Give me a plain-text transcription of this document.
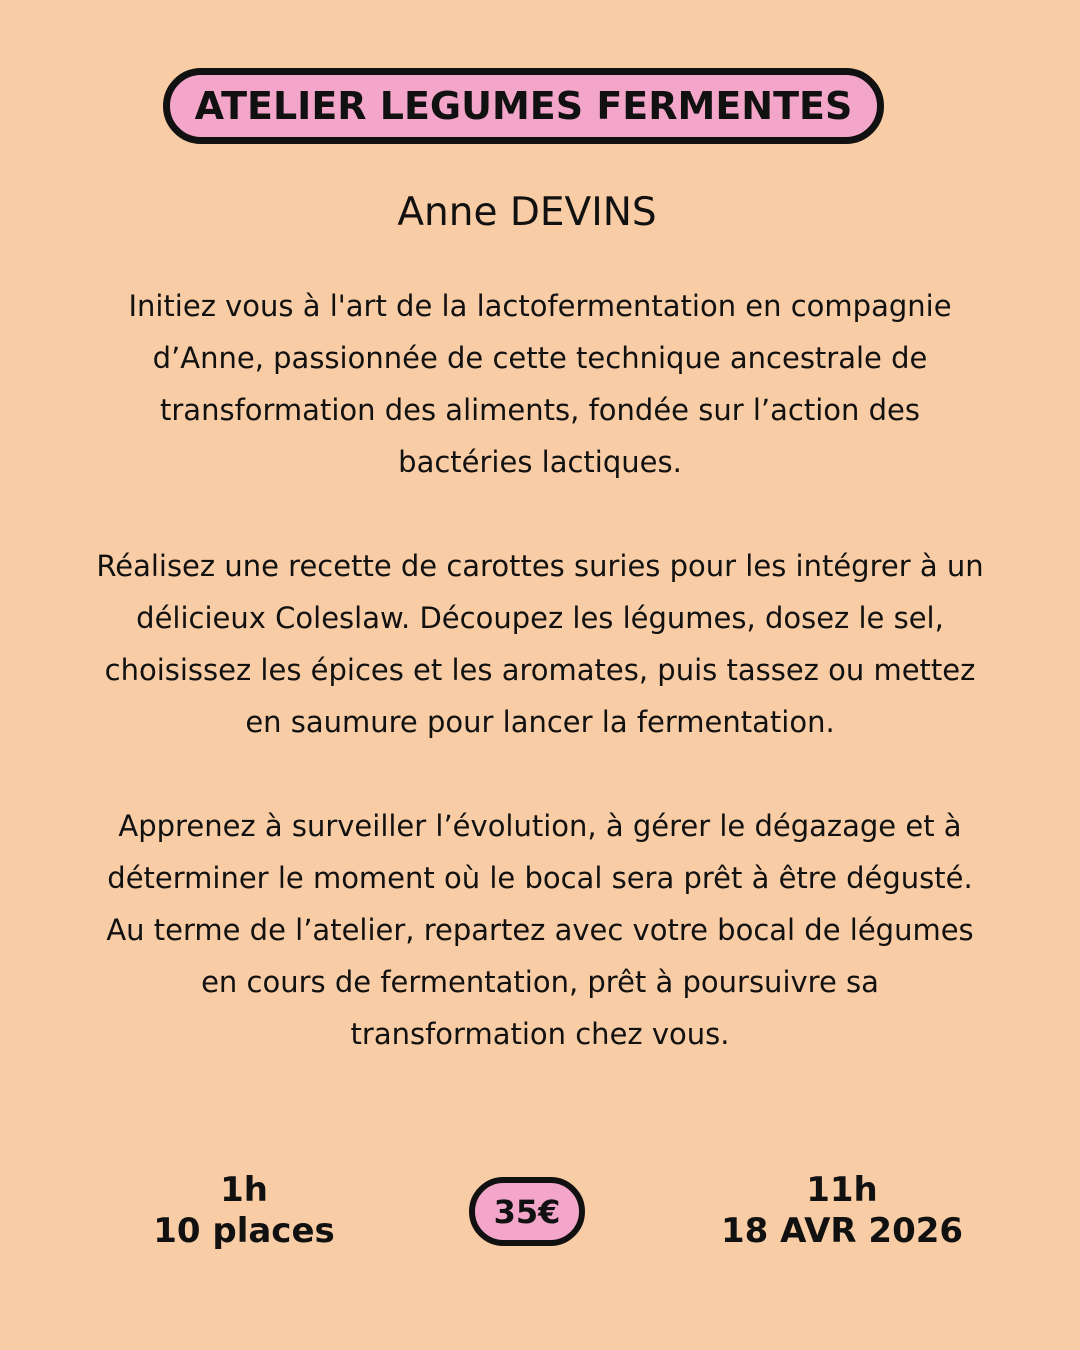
ATELIER LEGUMES FERMENTES
Anne DEVINS

Initiez vous à l'art de la lactofermentation en compagnie d’Anne, passionnée de cette technique ancestrale de transformation des aliments, fondée sur l’action des bactéries lactiques.

Réalisez une recette de carottes suries pour les intégrer à un délicieux Coleslaw. Découpez les légumes, dosez le sel, choisissez les épices et les aromates, puis tassez ou mettez en saumure pour lancer la fermentation.

Apprenez à surveiller l’évolution, à gérer le dégazage et à déterminer le moment où le bocal sera prêt à être dégusté. Au terme de l’atelier, repartez avec votre bocal de légumes en cours de fermentation, prêt à poursuivre sa transformation chez vous.

1h
10 places	35€
11h
18 AVR 2026
